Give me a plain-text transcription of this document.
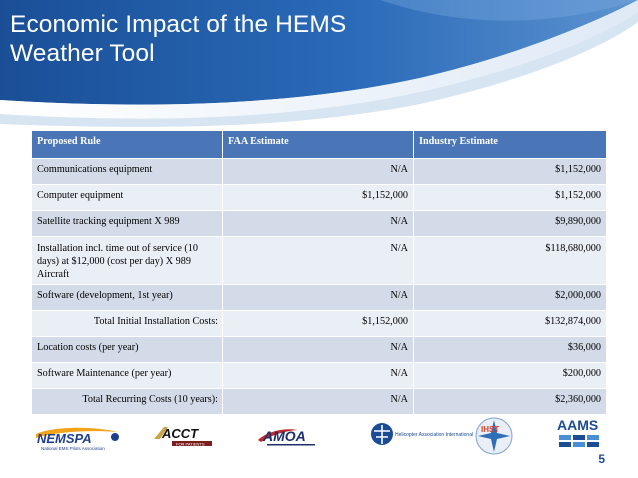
Economic Impact of the HEMS
Weather Tool
Proposed Rule	FAA Estimate	Industry Estimate
Communications equipment	N/A	$1,152,000
Computer equipment	$1,152,000	$1,152,000
Satellite tracking equipment X 989	N/A	$9,890,000
Installation incl. time out of service (10 days) at $12,000 (cost per day) X 989 Aircraft	N/A	$118,680,000
Software (development, 1st year)	N/A	$2,000,000
Total Initial Installation Costs:	$1,152,000	$132,874,000
Location costs (per year)	N/A	$36,000
Software Maintenance (per year)	N/A	$200,000
Total Recurring Costs (10 years):	N/A	$2,360,000
NEMSPA
National EMS Pilots Association
ACCT
FOR PATIENTS	AMOA	Helicopter Association International
IHST	AAMS
5
